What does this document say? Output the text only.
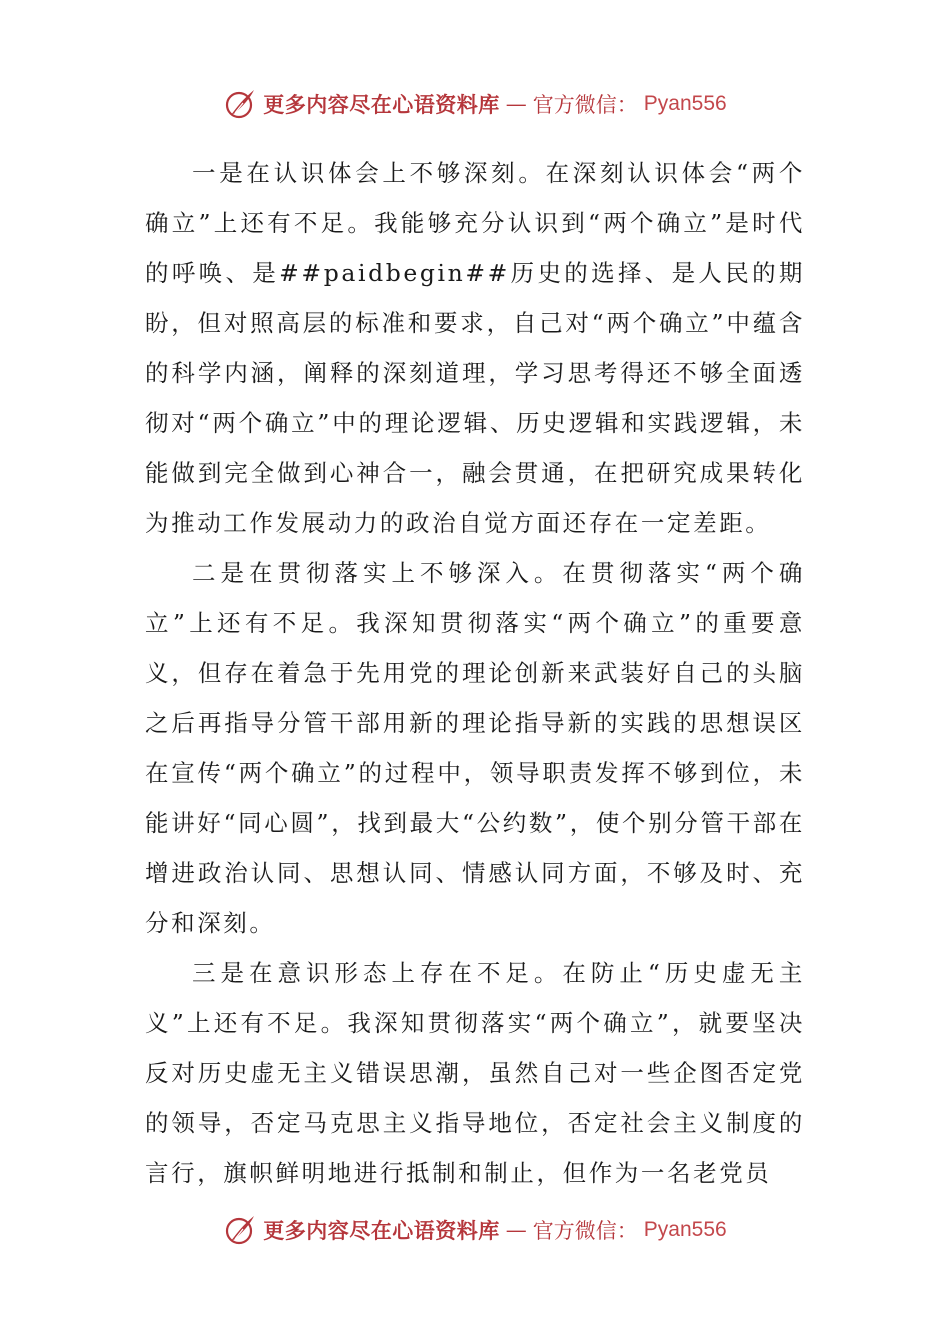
更多内容尽在心语资料库 — 官方微信： Pyan556

一是在认识体会上不够深刻。在深刻认识体会“两个确立”上还有不足。我能够充分认识到“两个确立”是时代的呼唤、是##paidbegin##历史的选择、是人民的期盼，但对照高层的标准和要求，自己对“两个确立”中蕴含的科学内涵，阐释的深刻道理，学习思考得还不够全面透彻对“两个确立”中的理论逻辑、历史逻辑和实践逻辑，未能做到完全做到心神合一，融会贯通，在把研究成果转化为推动工作发展动力的政治自觉方面还存在一定差距。

二是在贯彻落实上不够深入。在贯彻落实“两个确立”上还有不足。我深知贯彻落实“两个确立”的重要意义，但存在着急于先用党的理论创新来武装好自己的头脑之后再指导分管干部用新的理论指导新的实践的思想误区在宣传“两个确立”的过程中，领导职责发挥不够到位，未能讲好“同心圆”，找到最大“公约数”，使个别分管干部在增进政治认同、思想认同、情感认同方面，不够及时、充分和深刻。

三是在意识形态上存在不足。在防止“历史虚无主义”上还有不足。我深知贯彻落实“两个确立”，就要坚决反对历史虚无主义错误思潮，虽然自己对一些企图否定党的领导，否定马克思主义指导地位，否定社会主义制度的言行，旗帜鲜明地进行抵制和制止，但作为一名老党员

更多内容尽在心语资料库 — 官方微信： Pyan556
